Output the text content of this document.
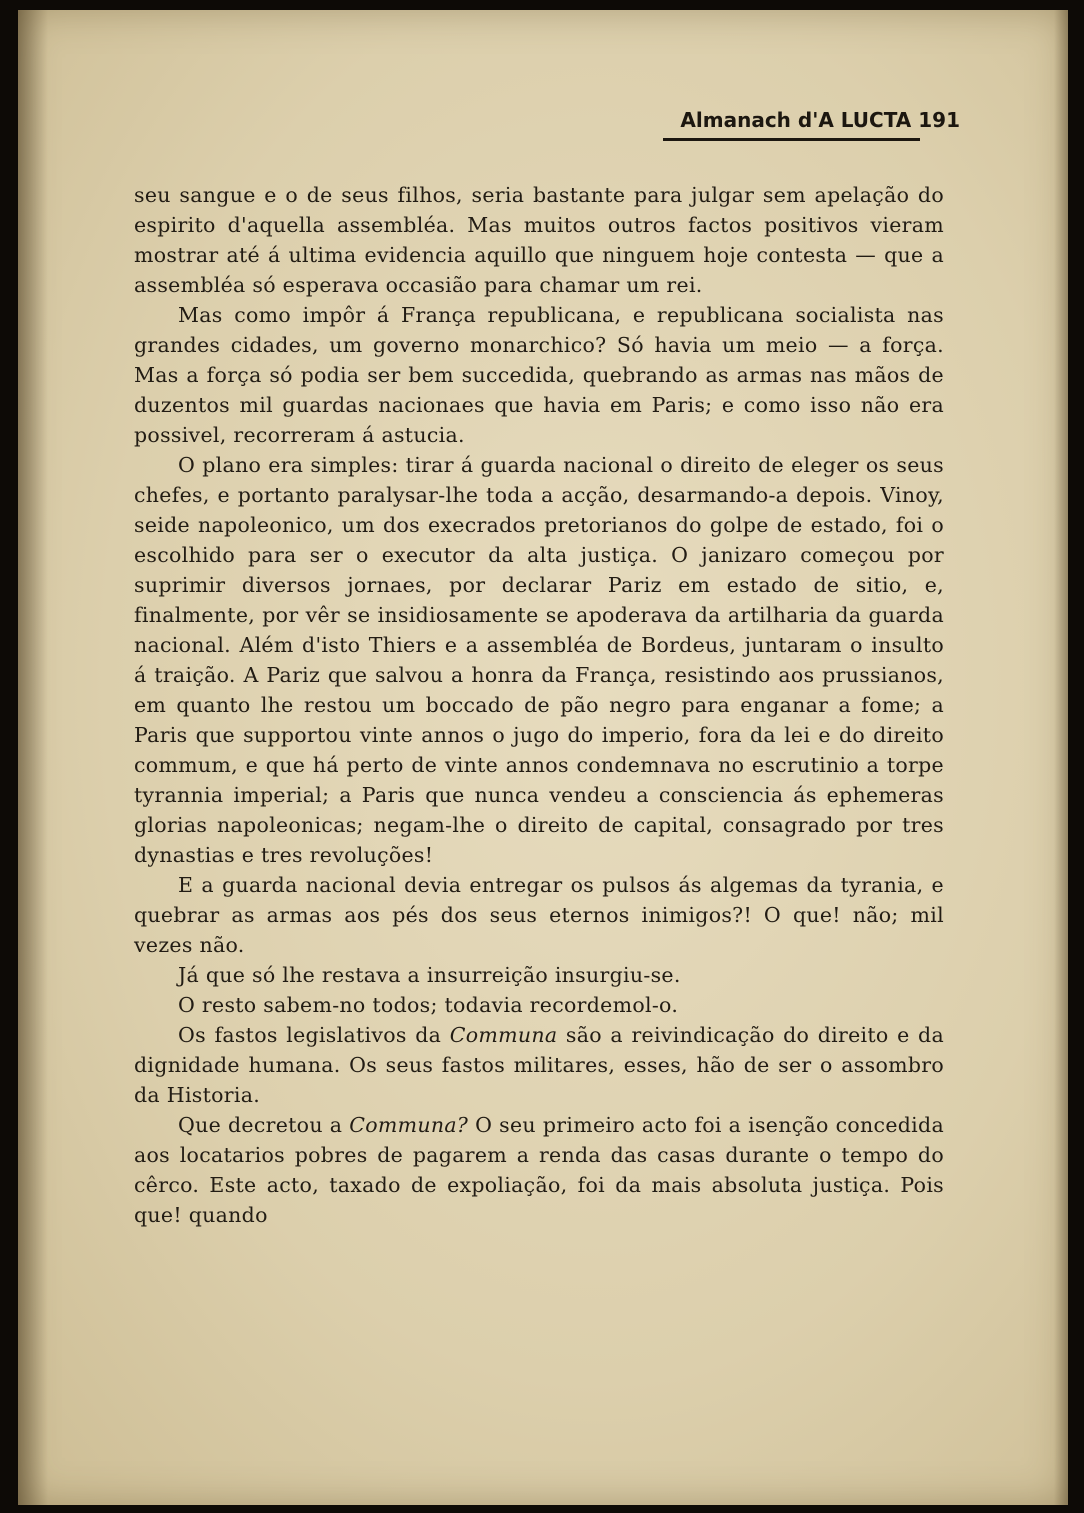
Almanach d'A LUCTA 191

seu sangue e o de seus filhos, seria bastante para julgar sem apelação do espirito d'aquella assembléa. Mas muitos outros factos positivos vieram mostrar até á ultima evidencia aquillo que ninguem hoje contesta — que a assembléa só esperava occasião para chamar um rei.

Mas como impôr á França republicana, e republicana socialista nas grandes cidades, um governo monarchico? Só havia um meio — a força. Mas a força só podia ser bem succedida, quebrando as armas nas mãos de duzentos mil guardas nacionaes que havia em Paris; e como isso não era possivel, recorreram á astucia.

O plano era simples: tirar á guarda nacional o direito de eleger os seus chefes, e portanto paralysar-lhe toda a acção, desarmando-a depois. Vinoy, seide napoleonico, um dos execrados pretorianos do golpe de estado, foi o escolhido para ser o executor da alta justiça. O janizaro começou por suprimir diversos jornaes, por declarar Pariz em estado de sitio, e, finalmente, por vêr se insidiosamente se apoderava da artilharia da guarda nacional. Além d'isto Thiers e a assembléa de Bordeus, juntaram o insulto á traição. A Pariz que salvou a honra da França, resistindo aos prussianos, em quanto lhe restou um boccado de pão negro para enganar a fome; a Paris que supportou vinte annos o jugo do imperio, fora da lei e do direito commum, e que há perto de vinte annos condemnava no escrutinio a torpe tyrannia imperial; a Paris que nunca vendeu a consciencia ás ephemeras glorias napoleonicas; negam-lhe o direito de capital, consagrado por tres dynastias e tres revoluções!

E a guarda nacional devia entregar os pulsos ás algemas da tyrania, e quebrar as armas aos pés dos seus eternos inimigos?! O que! não; mil vezes não.

Já que só lhe restava a insurreição insurgiu-se.

O resto sabem-no todos; todavia recordemol-o.

Os fastos legislativos da Communa são a reivindicação do direito e da dignidade humana. Os seus fastos militares, esses, hão de ser o assombro da Historia.

Que decretou a Communa? O seu primeiro acto foi a isenção concedida aos locatarios pobres de pagarem a renda das casas durante o tempo do cêrco. Este acto, taxado de expoliação, foi da mais absoluta justiça. Pois que! quando
